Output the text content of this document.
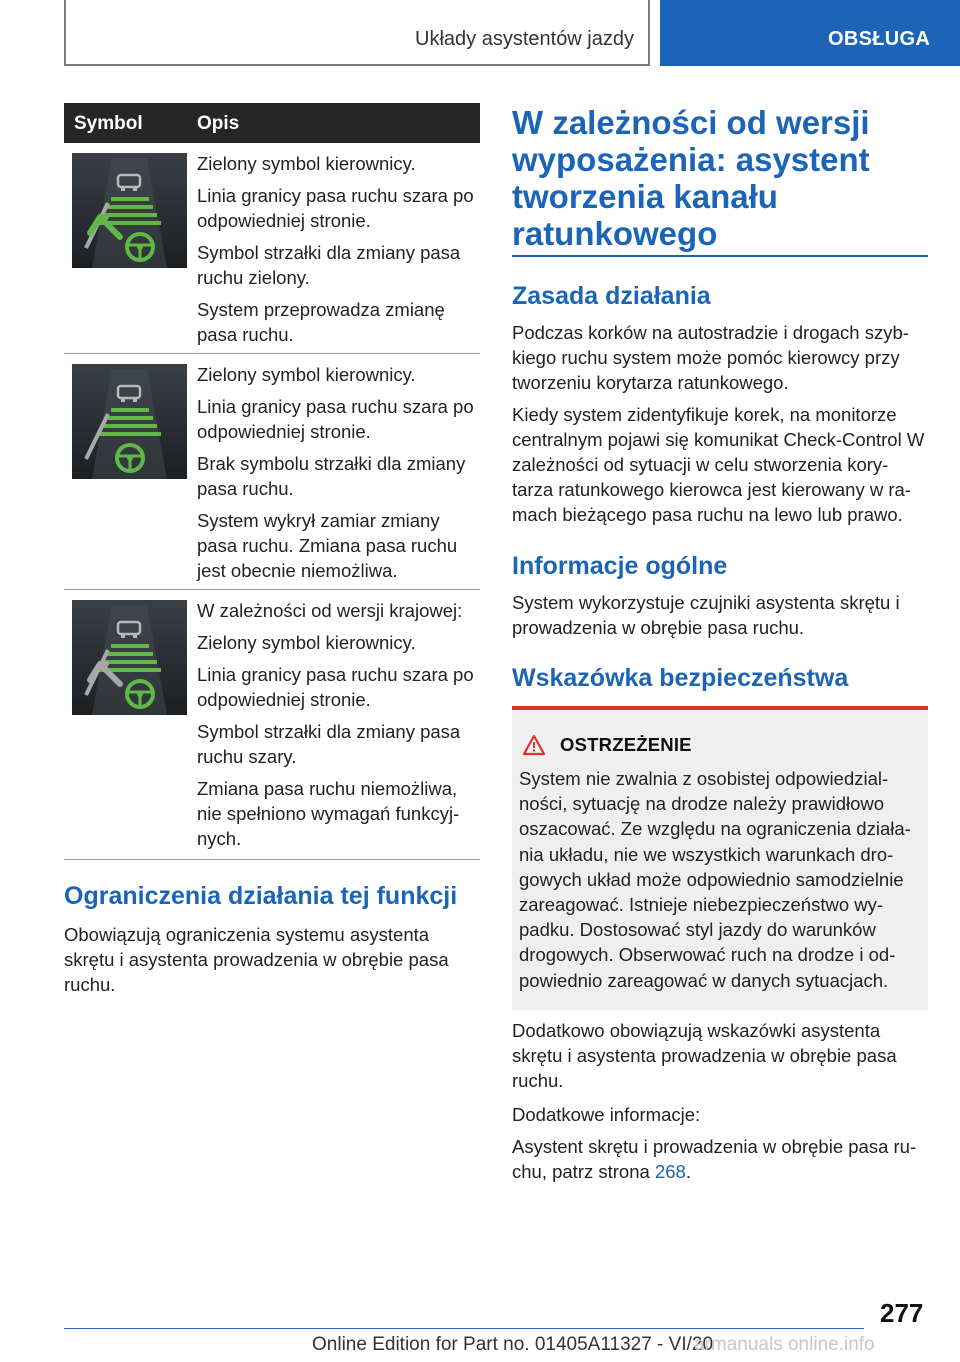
Układy asystentów jazdy	OBSŁUGA
Symbol	Opis

Zielony symbol kierownicy.

Linia granicy pasa ruchu szara po odpowiedniej stronie.

Symbol strzałki dla zmiany pasa ruchu zielony.

System przeprowadza zmianę pasa ruchu.

Zielony symbol kierownicy.

Linia granicy pasa ruchu szara po odpowiedniej stronie.

Brak symbolu strzałki dla zmiany pasa ruchu.

System wykrył zamiar zmiany pasa ruchu. Zmiana pasa ruchu jest obecnie niemożliwa.

W zależności od wersji krajowej:

Zielony symbol kierownicy.

Linia granicy pasa ruchu szara po odpowiedniej stronie.

Symbol strzałki dla zmiany pasa ruchu szary.

Zmiana pasa ruchu niemożliwa, nie spełniono wymagań funkcyj-nych.

Ograniczenia działania tej funkcji
Obowiązują ograniczenia systemu asystenta skrętu i asystenta prowadzenia w obrębie pasa ruchu.
W zależności od wersji wyposażenia: asystent tworzenia kanału ratunkowego
Zasada działania
Podczas korków na autostradzie i drogach szyb-kiego ruchu system może pomóc kierowcy przy tworzeniu korytarza ratunkowego.
Kiedy system zidentyfikuje korek, na monitorze centralnym pojawi się komunikat Check-Control W zależności od sytuacji w celu stworzenia kory-tarza ratunkowego kierowca jest kierowany w ra-mach bieżącego pasa ruchu na lewo lub prawo.
Informacje ogólne
System wykorzystuje czujniki asystenta skrętu i prowadzenia w obrębie pasa ruchu.
Wskazówka bezpieczeństwa
OSTRZEŻENIE
System nie zwalnia z osobistej odpowiedzial-ności, sytuację na drodze należy prawidłowo oszacować. Ze względu na ograniczenia działa-nia układu, nie we wszystkich warunkach dro-gowych układ może odpowiednio samodzielnie zareagować. Istnieje niebezpieczeństwo wy-padku. Dostosować styl jazdy do warunków drogowych. Obserwować ruch na drodze i od-powiednio zareagować w danych sytuacjach.
Dodatkowo obowiązują wskazówki asystenta skrętu i asystenta prowadzenia w obrębie pasa ruchu.
Dodatkowe informacje:
Asystent skrętu i prowadzenia w obrębie pasa ru-chu, patrz strona 268.
277
Online Edition for Part no. 01405A11327 - VI/20
armanuals online.info
